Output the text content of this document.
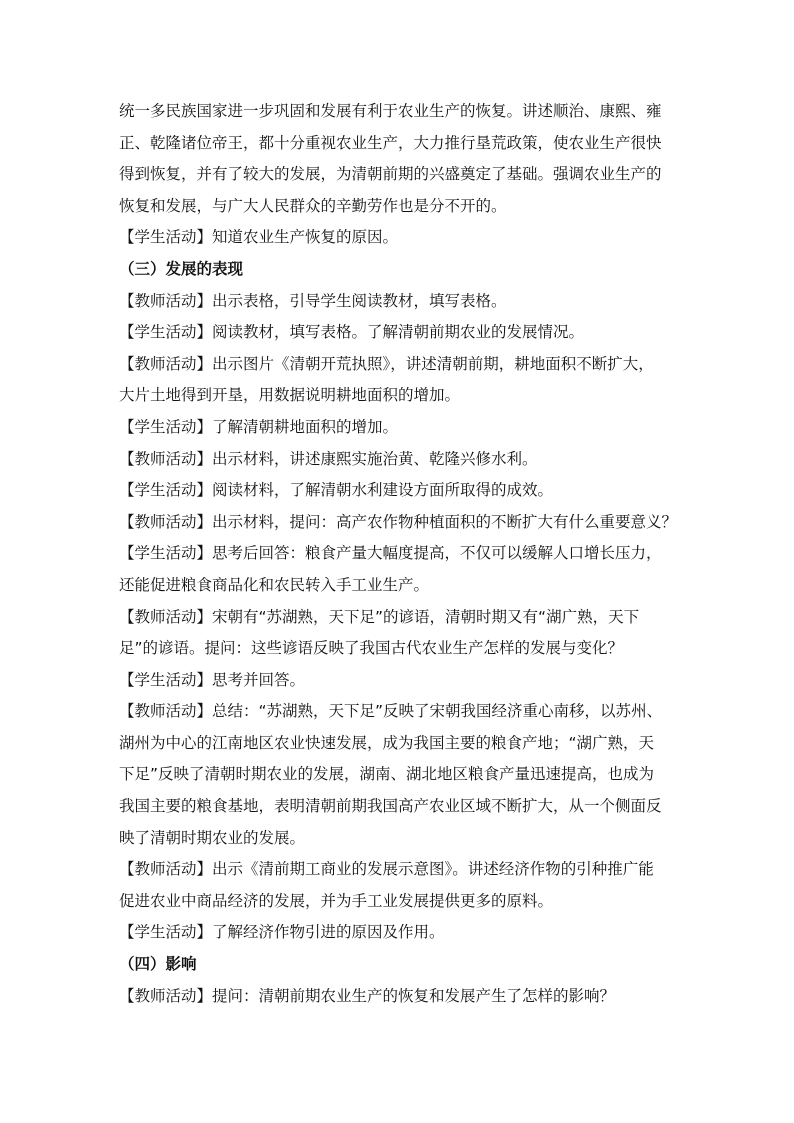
统一多民族国家进一步巩固和发展有利于农业生产的恢复。讲述顺治、康熙、雍
正、乾隆诸位帝王，都十分重视农业生产，大力推行垦荒政策，使农业生产很快
得到恢复，并有了较大的发展，为清朝前期的兴盛奠定了基础。强调农业生产的
恢复和发展，与广大人民群众的辛勤劳作也是分不开的。
【学生活动】知道农业生产恢复的原因。
（三）发展的表现
【教师活动】出示表格，引导学生阅读教材，填写表格。
【学生活动】阅读教材，填写表格。了解清朝前期农业的发展情况。
【教师活动】出示图片《清朝开荒执照》，讲述清朝前期，耕地面积不断扩大，
大片土地得到开垦，用数据说明耕地面积的增加。
【学生活动】了解清朝耕地面积的增加。
【教师活动】出示材料，讲述康熙实施治黄、乾隆兴修水利。
【学生活动】阅读材料，了解清朝水利建设方面所取得的成效。
【教师活动】出示材料，提问：高产农作物种植面积的不断扩大有什么重要意义？
【学生活动】思考后回答：粮食产量大幅度提高，不仅可以缓解人口增长压力，
还能促进粮食商品化和农民转入手工业生产。
【教师活动】宋朝有“苏湖熟，天下足”的谚语，清朝时期又有“湖广熟，天下
足”的谚语。提问：这些谚语反映了我国古代农业生产怎样的发展与变化？
【学生活动】思考并回答。
【教师活动】总结：“苏湖熟，天下足”反映了宋朝我国经济重心南移，以苏州、
湖州为中心的江南地区农业快速发展，成为我国主要的粮食产地；“湖广熟，天
下足”反映了清朝时期农业的发展，湖南、湖北地区粮食产量迅速提高，也成为
我国主要的粮食基地，表明清朝前期我国高产农业区域不断扩大，从一个侧面反
映了清朝时期农业的发展。
【教师活动】出示《清前期工商业的发展示意图》。讲述经济作物的引种推广能
促进农业中商品经济的发展，并为手工业发展提供更多的原料。
【学生活动】了解经济作物引进的原因及作用。
（四）影响
【教师活动】提问：清朝前期农业生产的恢复和发展产生了怎样的影响？
